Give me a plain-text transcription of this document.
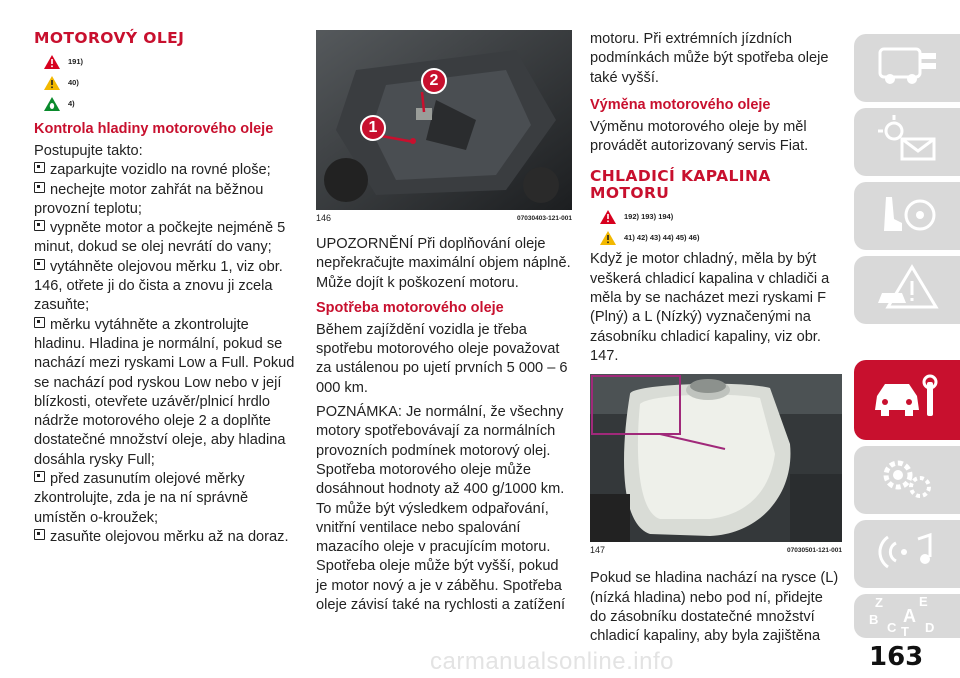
MOTOROVÝ OLEJ
191)
40)
4)
Kontrola hladiny motorového oleje

Postupujte takto:

zaparkujte vozidlo na rovné ploše;
nechejte motor zahřát na běžnou provozní teplotu;
vypněte motor a počkejte nejméně 5 minut, dokud se olej nevrátí do vany;
vytáhněte olejovou měrku 1, viz obr. 146, otřete ji do čista a znovu ji zcela zasuňte;
měrku vytáhněte a zkontrolujte hladinu. Hladina je normální, pokud se nachází mezi ryskami Low a Full. Pokud se nachází pod ryskou Low nebo v její blízkosti, otevřete uzávěr/plnicí hrdlo nádrže motorového oleje 2 a doplňte dostatečné množství oleje, aby hladina dosáhla rysky Full;
před zasunutím olejové měrky zkontrolujte, zda je na ní správně umístěn o-kroužek;
zasuňte olejovou měrku až na doraz.

1
2
146	07030403-121-001

UPOZORNĚNÍ Při doplňování oleje nepřekračujte maximální objem náplně. Může dojít k poškození motoru.

Spotřeba motorového oleje

Během zajíždění vozidla je třeba spotřebu motorového oleje považovat za ustálenou po ujetí prvních 5 000 – 6 000 km.

POZNÁMKA: Je normální, že všechny motory spotřebovávají za normálních provozních podmínek motorový olej. Spotřeba motorového oleje může dosáhnout hodnoty až 400 g/1000 km. To může být výsledkem odpařování, vnitřní ventilace nebo spalování mazacího oleje v pracujícím motoru. Spotřeba oleje může být vyšší, pokud je motor nový a je v záběhu. Spotřeba oleje závisí také na rychlosti a zatížení

motoru. Při extrémních jízdních podmínkách může být spotřeba oleje také vyšší.

Výměna motorového oleje

Výměnu motorového oleje by měl provádět autorizovaný servis Fiat.

CHLADICÍ KAPALINA
MOTORU
192) 193) 194)
41) 42) 43) 44) 45) 46)

Když je motor chladný, měla by být veškerá chladicí kapalina v chladiči a měla by se nacházet mezi ryskami F (Plný) a L (Nízký) vyznačenými na zásobníku chladicí kapaliny, viz obr. 147.

147	07030501-121-001

Pokud se hladina nachází na rysce (L) (nízká hladina) nebo pod ní, přidejte do zásobníku dostatečné množství chladicí kapaliny, aby byla zajištěna

Z	E
B A
C T D
carmanualsonline.info	163
